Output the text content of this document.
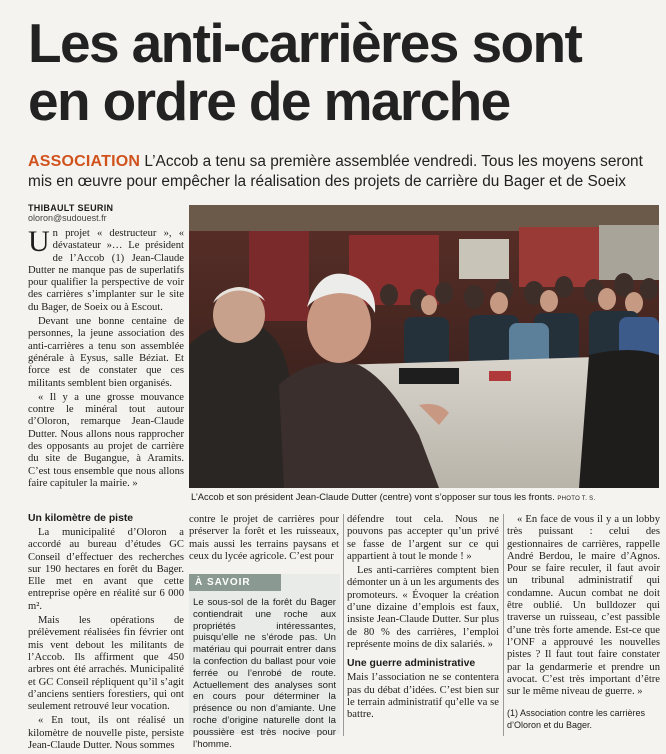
Les anti-carrières sont
en ordre de marche
ASSOCIATION L’Accob a tenu sa première assemblée vendredi. Tous les moyens seront mis en œuvre pour empêcher la réalisation des projets de carrière du Bager et de Soeix
THIBAULT SEURIN
oloron@sudouest.fr

Un projet « destructeur », « dévastateur »… Le président de l’Accob (1) Jean-Claude Dutter ne manque pas de superlatifs pour qualifier la perspective de voir des carrières s’implanter sur le site du Bager, de Soeix ou à Escout.

Devant une bonne centaine de personnes, la jeune association des anti-carrières a tenu son assemblée générale à Eysus, salle Béziat. Et force est de constater que ces militants semblent bien organisés.

« Il y a une grosse mouvance contre le minéral tout autour d’Oloron, remarque Jean-Claude Dutter. Nous allons nous rapprocher des opposants au projet de carrière du site de Bugangue, à Aramits. C’est tous ensemble que nous allons faire capituler la mairie. »

L’Accob et son président Jean-Claude Dutter (centre) vont s’opposer sur tous les fronts. PHOTO T. S.
Un kilomètre de piste

La municipalité d’Oloron a accordé au bureau d’études GC Conseil d’effectuer des recherches sur 190 hectares en forêt du Bager. Elle met en avant que cette entreprise opère en réalité sur 6 000 m².

Mais les opérations de prélèvement réalisées fin février ont mis vent debout les militants de l’Accob. Ils affirment que 450 arbres ont été arrachés. Municipalité et GC Conseil répliquent qu’il s’agit d’anciens sentiers forestiers, qui ont seulement retrouvé leur vocation.

« En tout, ils ont réalisé un kilomètre de nouvelle piste, persiste Jean-Claude Dutter. Nous sommes

contre le projet de carrières pour préserver la forêt et les ruisseaux, mais aussi les terrains paysans et ceux du lycée agricole. C’est pour

À SAVOIR
Le sous-sol de la forêt du Bager contiendrait une roche aux propriétés intéressantes, puisqu’elle ne s’érode pas. Un matériau qui pourrait entrer dans la confection du ballast pour voie ferrée ou l’enrobé de route. Actuellement des analyses sont en cours pour déterminer la présence ou non d’amiante. Une roche d’origine naturelle dont la poussière est très nocive pour l’homme.

défendre tout cela. Nous ne pouvons pas accepter qu’un privé se fasse de l’argent sur ce qui appartient à tout le monde ! »

Les anti-carrières comptent bien démonter un à un les arguments des promoteurs. « Évoquer la création d’une dizaine d’emplois est faux, insiste Jean-Claude Dutter. Sur plus de 80 % des carrières, l’emploi représente moins de dix salariés. »

Une guerre administrative

Mais l’association ne se contentera pas du débat d’idées. C’est bien sur le terrain administratif qu’elle va se battre.

« En face de vous il y a un lobby très puissant : celui des gestionnaires de carrières, rappelle André Berdou, le maire d’Agnos. Pour se faire reculer, il faut avoir un tribunal administratif qui condamne. Aucun combat ne doit être oublié. Un bulldozer qui traverse un ruisseau, c’est passible d’une très forte amende. Est-ce que l’ONF a approuvé les nouvelles pistes ? Il faut tout faire constater par la gendarmerie et prendre un avocat. C’est très important d’être sur le même niveau de guerre. »

(1) Association contre les carrières d’Oloron et du Bager.
